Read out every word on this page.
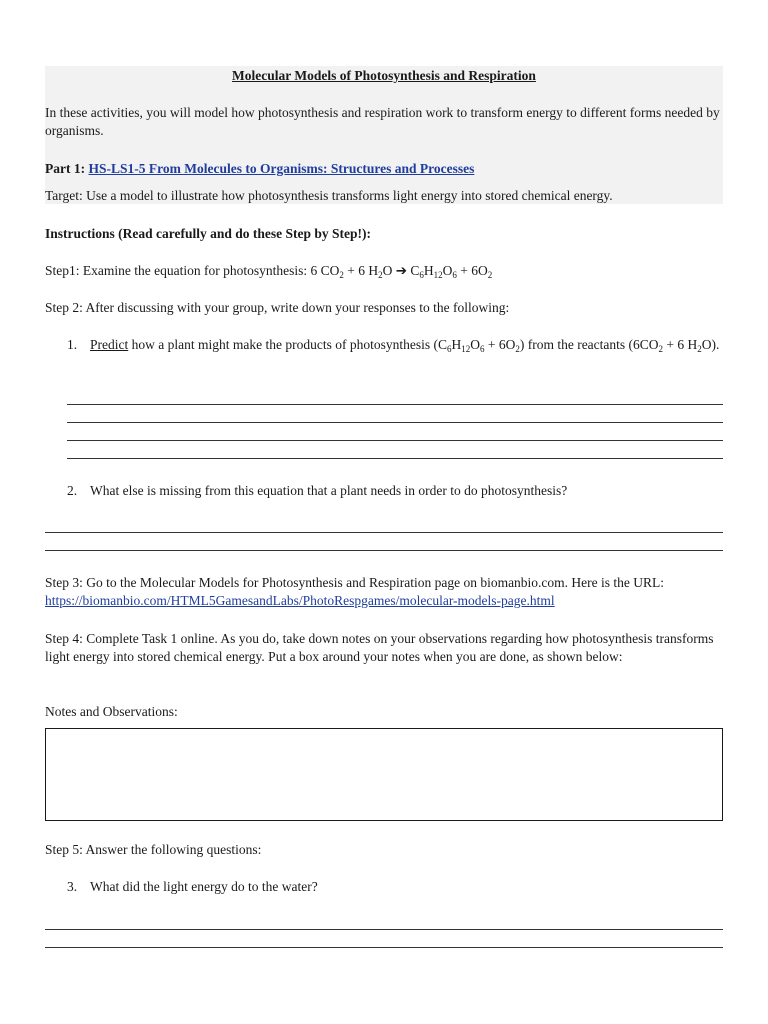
Molecular Models of Photosynthesis and Respiration
In these activities, you will model how photosynthesis and respiration work to transform energy to different forms needed by organisms.
Part 1: HS-LS1-5 From Molecules to Organisms: Structures and Processes
Target: Use a model to illustrate how photosynthesis transforms light energy into stored chemical energy.
Instructions (Read carefully and do these Step by Step!):
Step1: Examine the equation for photosynthesis: 6 $CO_2 + 6$ $H_2O$ ➔ $C_6H_{12}O_6 + 6O_2$
Step 2: After discussing with your group, write down your responses to the following:
1. Predict how a plant might make the products of photosynthesis $(C_6H_{12}O_6 + 6O_2)$ from the reactants ($6CO_2 + 6$ $H_2O$).
2. What else is missing from this equation that a plant needs in order to do photosynthesis?
Step 3: Go to the Molecular Models for Photosynthesis and Respiration page on biomanbio.com. Here is the URL: https://biomanbio.com/HTML5GamesandLabs/PhotoRespgames/molecular-models-page.html
Step 4: Complete Task 1 online. As you do, take down notes on your observations regarding how photosynthesis transforms light energy into stored chemical energy. Put a box around your notes when you are done, as shown below:
Notes and Observations:
Step 5: Answer the following questions:
3. What did the light energy do to the water?
